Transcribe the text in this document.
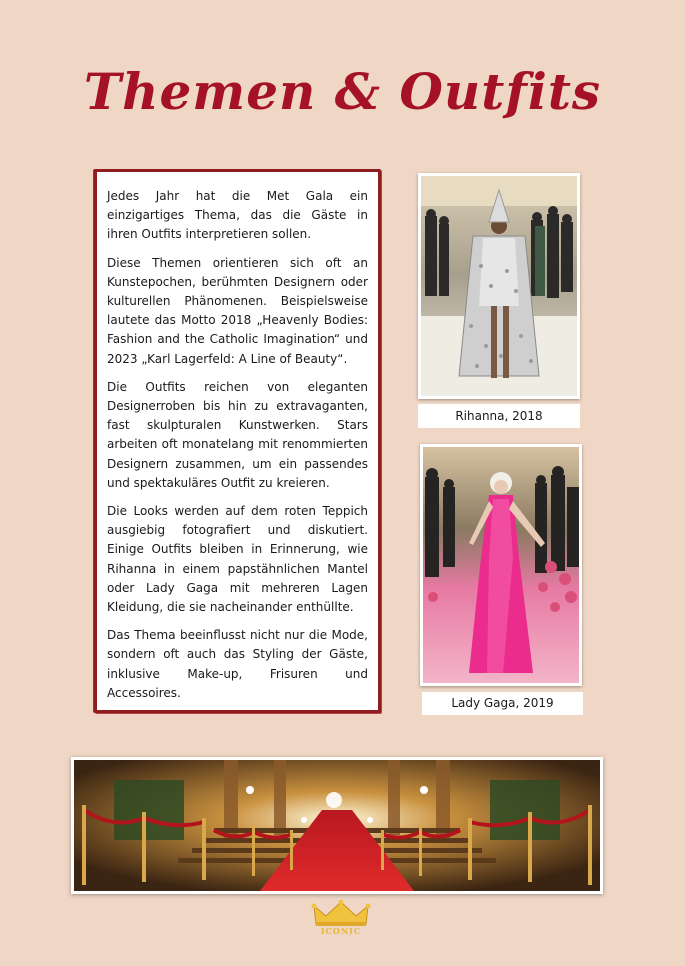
Themen & Outfits

Jedes Jahr hat die Met Gala ein einzigartiges Thema, das die Gäste in ihren Outfits interpretieren sollen.

Diese Themen orientieren sich oft an Kunstepochen, berühmten Designern oder kulturellen Phänomenen. Beispielsweise lautete das Motto 2018 „Heavenly Bodies: Fashion and the Catholic Imagination“ und 2023 „Karl Lagerfeld: A Line of Beauty“.

Die Outfits reichen von eleganten Designerroben bis hin zu extravaganten, fast skulpturalen Kunstwerken. Stars arbeiten oft monatelang mit renommierten Designern zusammen, um ein passendes und spektakuläres Outfit zu kreieren.

Die Looks werden auf dem roten Teppich ausgiebig fotografiert und diskutiert. Einige Outfits bleiben in Erinnerung, wie Rihanna in einem papstähnlichen Mantel oder Lady Gaga mit mehreren Lagen Kleidung, die sie nacheinander enthüllte.

Das Thema beeinflusst nicht nur die Mode, sondern oft auch das Styling der Gäste, inklusive Make-up, Frisuren und Accessoires.

Rihanna, 2018
Lady Gaga, 2019
ICONIC
